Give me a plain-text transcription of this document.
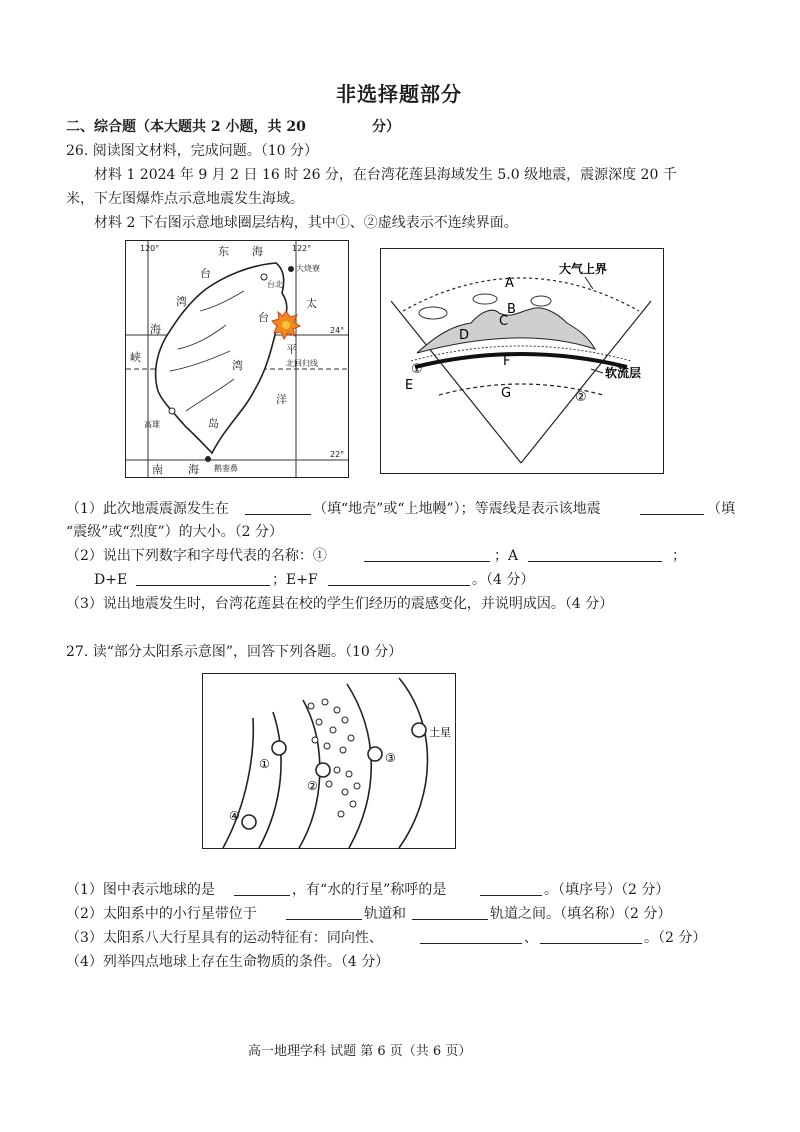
非选择题部分
二、综合题（本大题共 2 小题，共 20	分）
26. 阅读图文材料，完成问题。（10 分）
材料 1 2024 年 9 月 2 日 16 时 26 分，在台湾花莲县海域发生 5.0 级地震，震源深度 20 千
米，下左图爆炸点示意地震发生海域。
材料 2 下右图示意地球圈层结构，其中①、②虚线表示不连续界面。
东 海
台北
大烧寮
台
湾
海
峡
台
湾
平
北回归线
太
洋
岛
高雄
鹅銮鼻
南 海
120°	122°
24°
22°
大气上界
A
B
C
D
E
F
G
①
②
软流层
（1）此次地震震源发生在	（填“地壳”或“上地幔”）；等震线是表示该地震	（填
“震级”或“烈度”）的大小。（2 分）
（2）说出下列数字和字母代表的名称：①	；A	；
D+E	；E+F	。（4 分）
（3）说出地震发生时，台湾花莲县在校的学生们经历的震感变化，并说明成因。（4 分）
27. 读“部分太阳系示意图”，回答下列各题。（10 分）
④
①
②
③
土星
（1）图中表示地球的是	，有“水的行星”称呼的是	。（填序号）（2 分）
（2）太阳系中的小行星带位于	轨道和	轨道之间。（填名称）（2 分）
（3）太阳系八大行星具有的运动特征有：同向性、	、	。（2 分）
（4）列举四点地球上存在生命物质的条件。（4 分）
高一地理学科 试题 第 6 页（共 6 页）
